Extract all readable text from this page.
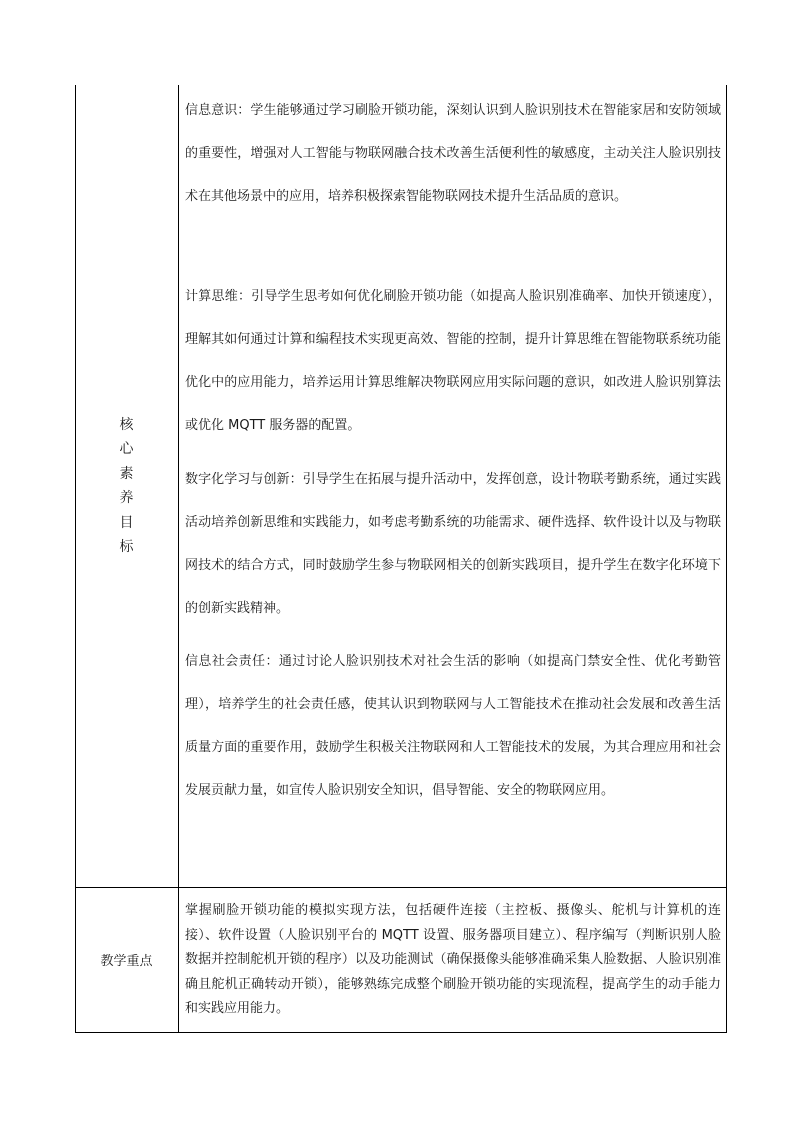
核
心
素
养
目
标

信息意识：学生能够通过学习刷脸开锁功能，深刻认识到人脸识别技术在智能家居和安防领域的重要性，增强对人工智能与物联网融合技术改善生活便利性的敏感度，主动关注人脸识别技术在其他场景中的应用，培养积极探索智能物联网技术提升生活品质的意识。

计算思维：引导学生思考如何优化刷脸开锁功能（如提高人脸识别准确率、加快开锁速度），理解其如何通过计算和编程技术实现更高效、智能的控制，提升计算思维在智能物联系统功能优化中的应用能力，培养运用计算思维解决物联网应用实际问题的意识，如改进人脸识别算法或优化 MQTT 服务器的配置。

数字化学习与创新：引导学生在拓展与提升活动中，发挥创意，设计物联考勤系统，通过实践活动培养创新思维和实践能力，如考虑考勤系统的功能需求、硬件选择、软件设计以及与物联网技术的结合方式，同时鼓励学生参与物联网相关的创新实践项目，提升学生在数字化环境下的创新实践精神。

信息社会责任：通过讨论人脸识别技术对社会生活的影响（如提高门禁安全性、优化考勤管理），培养学生的社会责任感，使其认识到物联网与人工智能技术在推动社会发展和改善生活质量方面的重要作用，鼓励学生积极关注物联网和人工智能技术的发展，为其合理应用和社会发展贡献力量，如宣传人脸识别安全知识，倡导智能、安全的物联网应用。

教学重点
掌握刷脸开锁功能的模拟实现方法，包括硬件连接（主控板、摄像头、舵机与计算机的连接）、软件设置（人脸识别平台的 MQTT 设置、服务器项目建立）、程序编写（判断识别人脸数据并控制舵机开锁的程序）以及功能测试（确保摄像头能够准确采集人脸数据、人脸识别准确且舵机正确转动开锁），能够熟练完成整个刷脸开锁功能的实现流程，提高学生的动手能力和实践应用能力。
